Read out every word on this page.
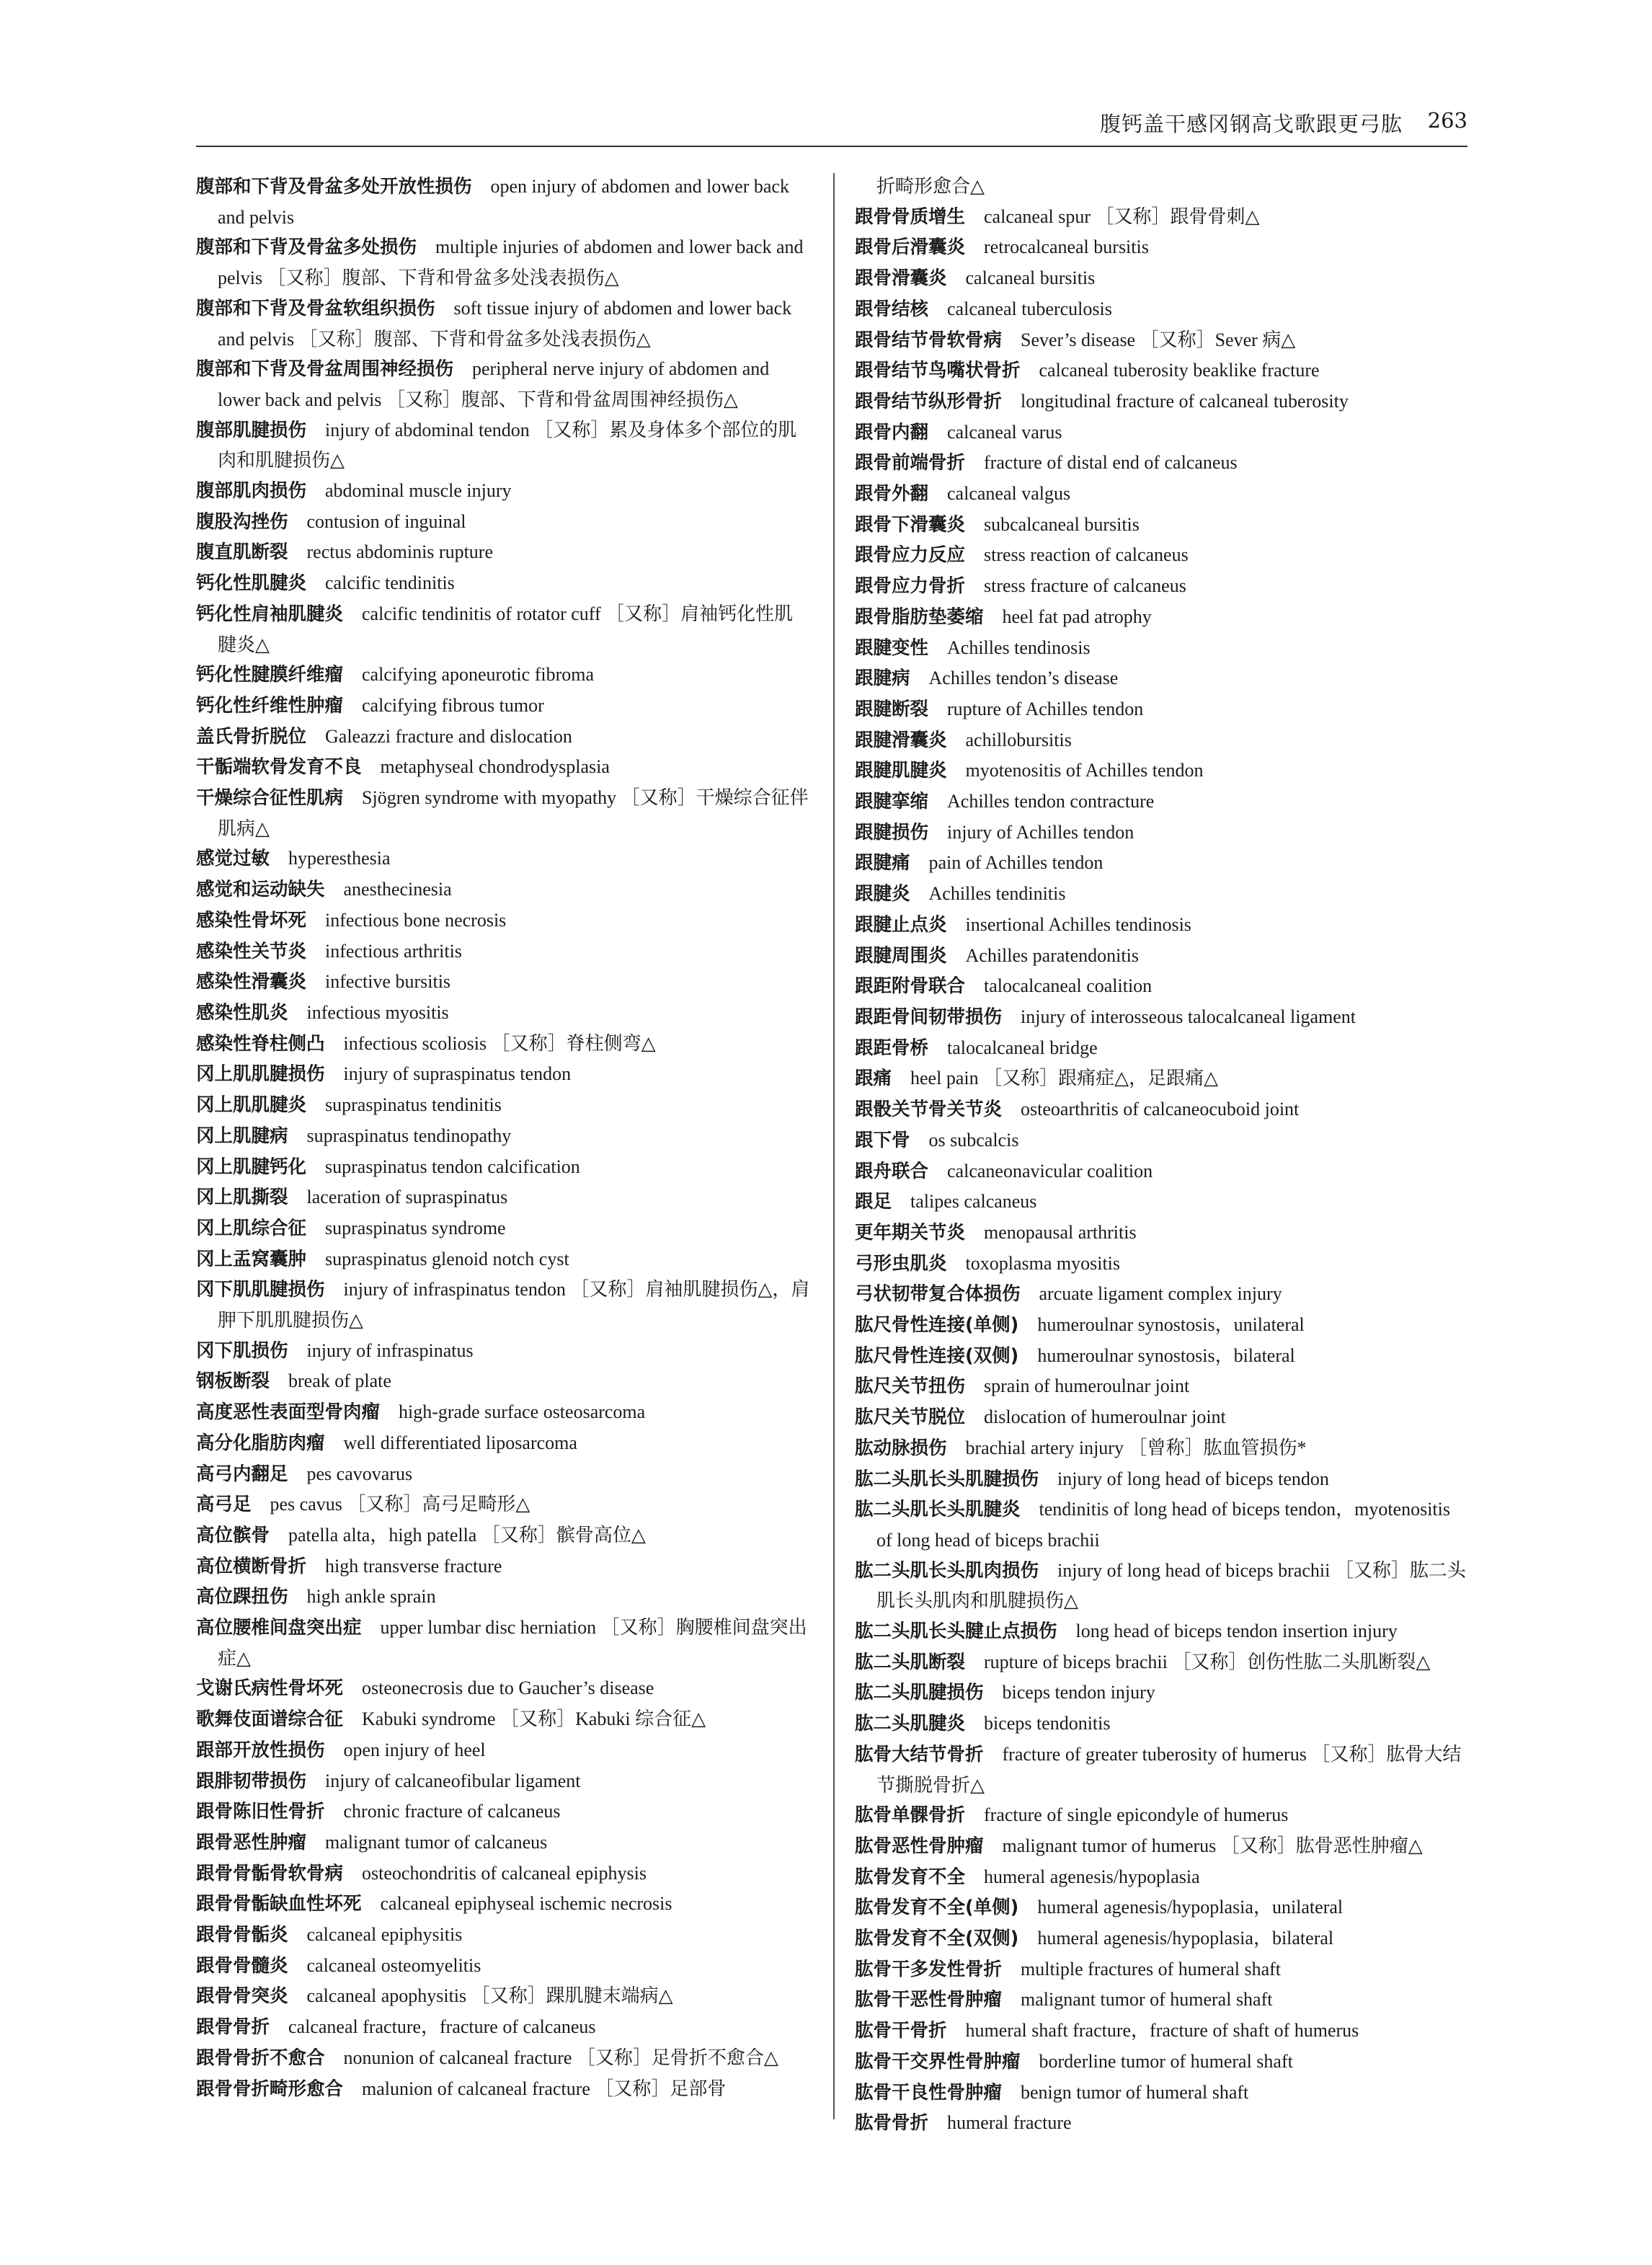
腹钙盖干感冈钢高戈歌跟更弓肱 263
腹部和下背及骨盆多处开放性损伤 open injury of abdomen and lower back and pelvis
腹部和下背及骨盆多处损伤 multiple injuries of abdomen and lower back and pelvis ［又称］腹部、下背和骨盆多处浅表损伤△
腹部和下背及骨盆软组织损伤 soft tissue injury of abdomen and lower back and pelvis ［又称］腹部、下背和骨盆多处浅表损伤△
腹部和下背及骨盆周围神经损伤 peripheral nerve injury of abdomen and lower back and pelvis ［又称］腹部、下背和骨盆周围神经损伤△
腹部肌腱损伤 injury of abdominal tendon ［又称］累及身体多个部位的肌肉和肌腱损伤△
腹部肌肉损伤 abdominal muscle injury
腹股沟挫伤 contusion of inguinal
腹直肌断裂 rectus abdominis rupture
钙化性肌腱炎 calcific tendinitis
钙化性肩袖肌腱炎 calcific tendinitis of rotator cuff ［又称］肩袖钙化性肌腱炎△
钙化性腱膜纤维瘤 calcifying aponeurotic fibroma
钙化性纤维性肿瘤 calcifying fibrous tumor
盖氏骨折脱位 Galeazzi fracture and dislocation
干骺端软骨发育不良 metaphyseal chondrodysplasia
干燥综合征性肌病 Sjögren syndrome with myopathy ［又称］干燥综合征伴肌病△
感觉过敏 hyperesthesia
感觉和运动缺失 anesthecinesia
感染性骨坏死 infectious bone necrosis
感染性关节炎 infectious arthritis
感染性滑囊炎 infective bursitis
感染性肌炎 infectious myositis
感染性脊柱侧凸 infectious scoliosis ［又称］脊柱侧弯△
冈上肌肌腱损伤 injury of supraspinatus tendon
冈上肌肌腱炎 supraspinatus tendinitis
冈上肌腱病 supraspinatus tendinopathy
冈上肌腱钙化 supraspinatus tendon calcification
冈上肌撕裂 laceration of supraspinatus
冈上肌综合征 supraspinatus syndrome
冈上盂窝囊肿 supraspinatus glenoid notch cyst
冈下肌肌腱损伤 injury of infraspinatus tendon ［又称］肩袖肌腱损伤△，肩胛下肌肌腱损伤△
冈下肌损伤 injury of infraspinatus
钢板断裂 break of plate
高度恶性表面型骨肉瘤 high-grade surface osteosarcoma
高分化脂肪肉瘤 well differentiated liposarcoma
高弓内翻足 pes cavovarus
高弓足 pes cavus ［又称］高弓足畸形△
高位髌骨 patella alta，high patella ［又称］髌骨高位△
高位横断骨折 high transverse fracture
高位踝扭伤 high ankle sprain
高位腰椎间盘突出症 upper lumbar disc herniation ［又称］胸腰椎间盘突出症△
戈谢氏病性骨坏死 osteonecrosis due to Gaucher’s disease
歌舞伎面谱综合征 Kabuki syndrome ［又称］Kabuki 综合征△
跟部开放性损伤 open injury of heel
跟腓韧带损伤 injury of calcaneofibular ligament
跟骨陈旧性骨折 chronic fracture of calcaneus
跟骨恶性肿瘤 malignant tumor of calcaneus
跟骨骨骺骨软骨病 osteochondritis of calcaneal epiphysis
跟骨骨骺缺血性坏死 calcaneal epiphyseal ischemic necrosis
跟骨骨骺炎 calcaneal epiphysitis
跟骨骨髓炎 calcaneal osteomyelitis
跟骨骨突炎 calcaneal apophysitis ［又称］踝肌腱末端病△
跟骨骨折 calcaneal fracture，fracture of calcaneus
跟骨骨折不愈合 nonunion of calcaneal fracture ［又称］足骨折不愈合△
跟骨骨折畸形愈合 malunion of calcaneal fracture ［又称］足部骨
折畸形愈合△
跟骨骨质增生 calcaneal spur ［又称］跟骨骨刺△
跟骨后滑囊炎 retrocalcaneal bursitis
跟骨滑囊炎 calcaneal bursitis
跟骨结核 calcaneal tuberculosis
跟骨结节骨软骨病 Sever’s disease ［又称］Sever 病△
跟骨结节鸟嘴状骨折 calcaneal tuberosity beaklike fracture
跟骨结节纵形骨折 longitudinal fracture of calcaneal tuberosity
跟骨内翻 calcaneal varus
跟骨前端骨折 fracture of distal end of calcaneus
跟骨外翻 calcaneal valgus
跟骨下滑囊炎 subcalcaneal bursitis
跟骨应力反应 stress reaction of calcaneus
跟骨应力骨折 stress fracture of calcaneus
跟骨脂肪垫萎缩 heel fat pad atrophy
跟腱变性 Achilles tendinosis
跟腱病 Achilles tendon’s disease
跟腱断裂 rupture of Achilles tendon
跟腱滑囊炎 achillobursitis
跟腱肌腱炎 myotenositis of Achilles tendon
跟腱挛缩 Achilles tendon contracture
跟腱损伤 injury of Achilles tendon
跟腱痛 pain of Achilles tendon
跟腱炎 Achilles tendinitis
跟腱止点炎 insertional Achilles tendinosis
跟腱周围炎 Achilles paratendonitis
跟距附骨联合 talocalcaneal coalition
跟距骨间韧带损伤 injury of interosseous talocalcaneal ligament
跟距骨桥 talocalcaneal bridge
跟痛 heel pain ［又称］跟痛症△，足跟痛△
跟骰关节骨关节炎 osteoarthritis of calcaneocuboid joint
跟下骨 os subcalcis
跟舟联合 calcaneonavicular coalition
跟足 talipes calcaneus
更年期关节炎 menopausal arthritis
弓形虫肌炎 toxoplasma myositis
弓状韧带复合体损伤 arcuate ligament complex injury
肱尺骨性连接(单侧) humeroulnar synostosis，unilateral
肱尺骨性连接(双侧) humeroulnar synostosis，bilateral
肱尺关节扭伤 sprain of humeroulnar joint
肱尺关节脱位 dislocation of humeroulnar joint
肱动脉损伤 brachial artery injury ［曾称］肱血管损伤*
肱二头肌长头肌腱损伤 injury of long head of biceps tendon
肱二头肌长头肌腱炎 tendinitis of long head of biceps tendon，myotenositis of long head of biceps brachii
肱二头肌长头肌肉损伤 injury of long head of biceps brachii ［又称］肱二头肌长头肌肉和肌腱损伤△
肱二头肌长头腱止点损伤 long head of biceps tendon insertion injury
肱二头肌断裂 rupture of biceps brachii ［又称］创伤性肱二头肌断裂△
肱二头肌腱损伤 biceps tendon injury
肱二头肌腱炎 biceps tendonitis
肱骨大结节骨折 fracture of greater tuberosity of humerus ［又称］肱骨大结节撕脱骨折△
肱骨单髁骨折 fracture of single epicondyle of humerus
肱骨恶性骨肿瘤 malignant tumor of humerus ［又称］肱骨恶性肿瘤△
肱骨发育不全 humeral agenesis/hypoplasia
肱骨发育不全(单侧) humeral agenesis/hypoplasia，unilateral
肱骨发育不全(双侧) humeral agenesis/hypoplasia，bilateral
肱骨干多发性骨折 multiple fractures of humeral shaft
肱骨干恶性骨肿瘤 malignant tumor of humeral shaft
肱骨干骨折 humeral shaft fracture，fracture of shaft of humerus
肱骨干交界性骨肿瘤 borderline tumor of humeral shaft
肱骨干良性骨肿瘤 benign tumor of humeral shaft
肱骨骨折 humeral fracture
